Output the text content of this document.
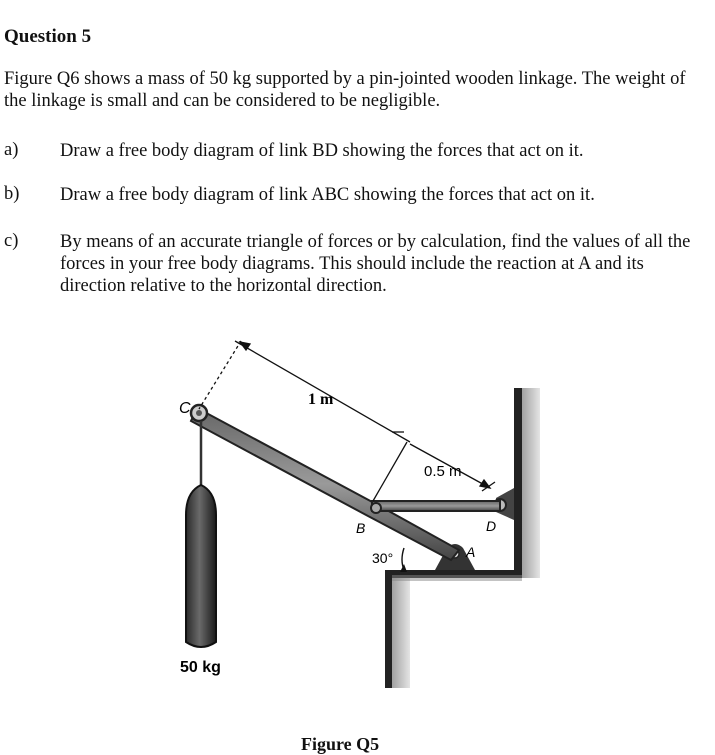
Question 5
Figure Q6 shows a mass of 50 kg supported by a pin-jointed wooden linkage. The weight of the linkage is small and can be considered to be negligible.
a) Draw a free body diagram of link BD showing the forces that act on it.
b) Draw a free body diagram of link ABC showing the forces that act on it.
c) By means of an accurate triangle of forces or by calculation, find the values of all the forces in your free body diagrams. This should include the reaction at A and its direction relative to the horizontal direction.
C
B	D
A
1 m
0.5 m
30°
50 kg
Figure Q5
